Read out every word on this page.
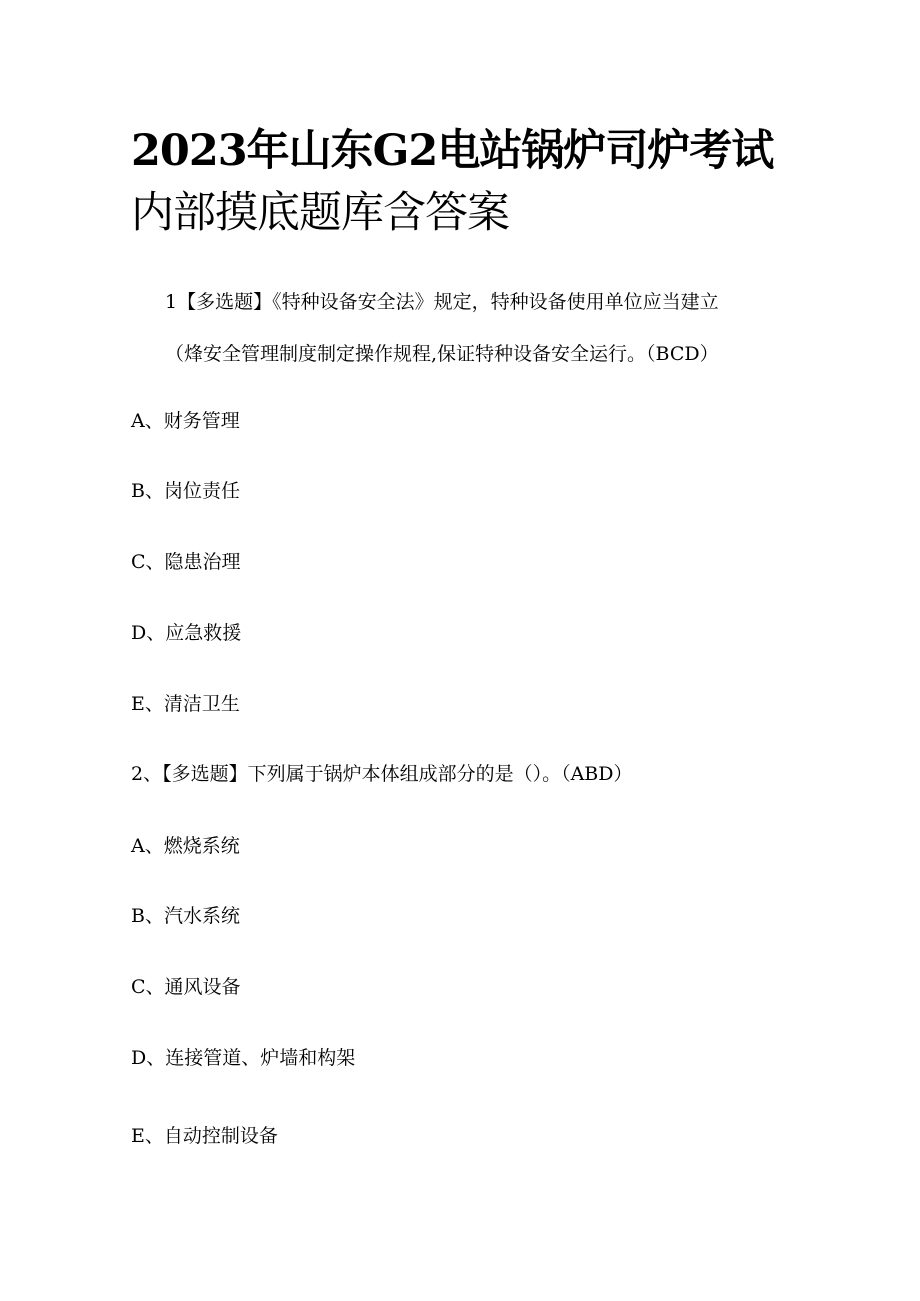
2023年山东G2电站锅炉司炉考试
内部摸底题库含答案
1【多选题】《特种设备安全法》规定，特种设备使用单位应当建立
（烽安全管理制度制定操作规程,保证特种设备安全运行。（BCD）
A、财务管理
B、岗位责任
C、隐患治理
D、应急救援
E、清洁卫生
2、【多选题】下列属于锅炉本体组成部分的是（）。（ABD）
A、燃烧系统
B、汽水系统
C、通风设备
D、连接管道、炉墙和构架
E、自动控制设备
